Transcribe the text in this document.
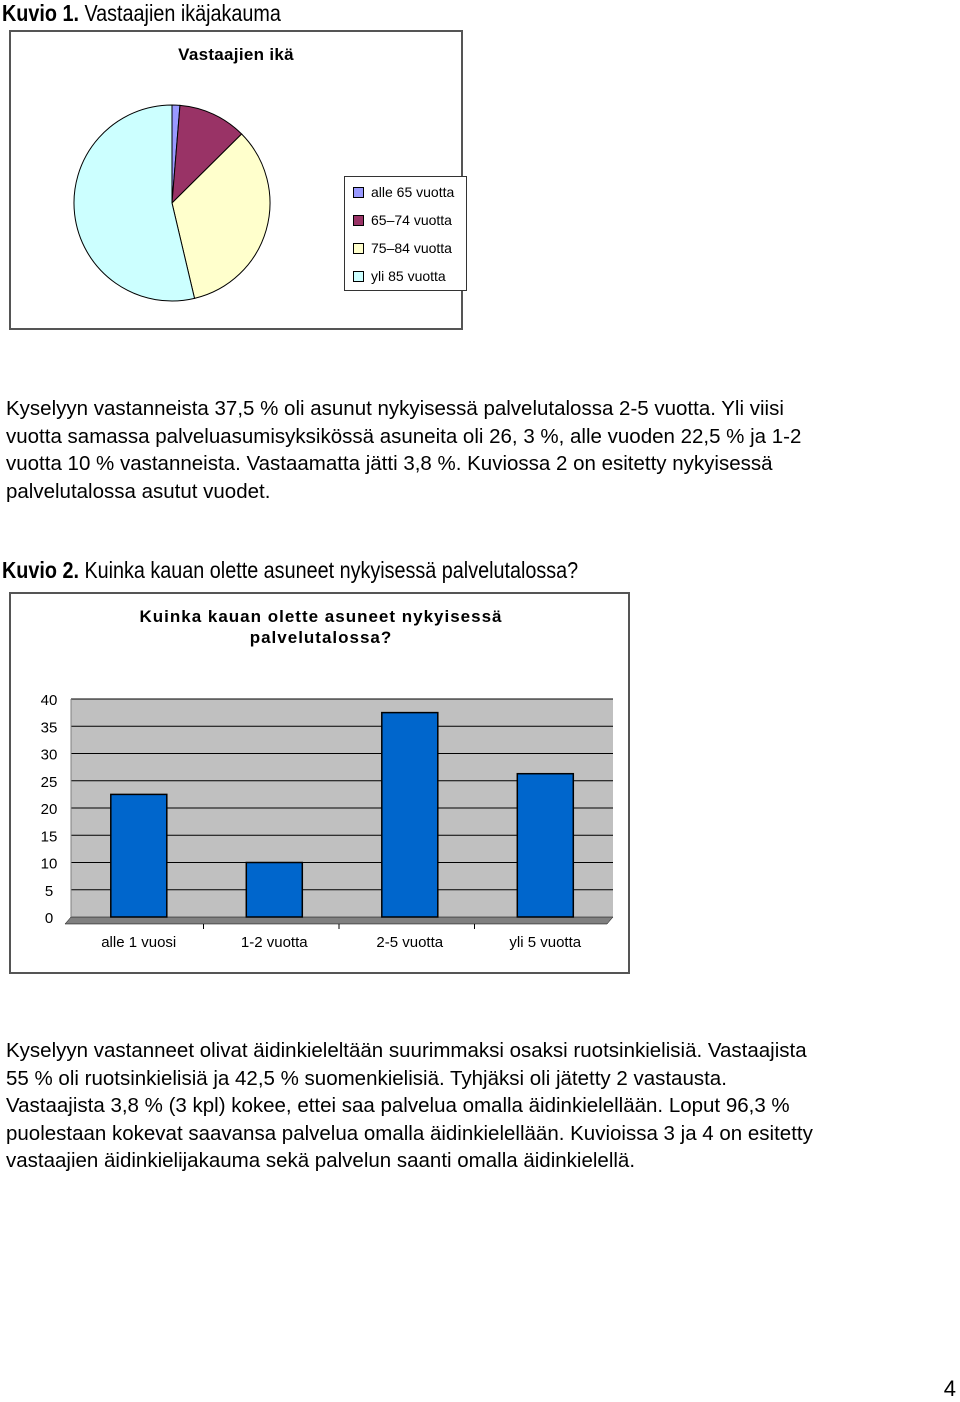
Kuvio 1. Vastaajien ikäjakauma
Vastaajien ikä
alle 65 vuotta
65–74 vuotta
75–84 vuotta
yli 85 vuotta
Kyselyyn vastanneista 37,5 % oli asunut nykyisessä palvelutalossa 2-5 vuotta. Yli viisi
vuotta samassa palveluasumisyksikössä asuneita oli 26, 3 %, alle vuoden 22,5 % ja 1-2
vuotta 10 % vastanneista. Vastaamatta jätti 3,8 %. Kuviossa 2 on esitetty nykyisessä
palvelutalossa asutut vuodet.
Kuvio 2. Kuinka kauan olette asuneet nykyisessä palvelutalossa?
Kuinka kauan olette asuneet nykyisessä
palvelutalossa?
0
5
10
15
20
25
30
35
40
alle 1 vuosi	1-2 vuotta	2-5 vuotta	yli 5 vuotta
Kyselyyn vastanneet olivat äidinkieleltään suurimmaksi osaksi ruotsinkielisiä. Vastaajista
55 % oli ruotsinkielisiä ja 42,5 % suomenkielisiä. Tyhjäksi oli jätetty 2 vastausta.
Vastaajista 3,8 % (3 kpl) kokee, ettei saa palvelua omalla äidinkielellään. Loput 96,3 %
puolestaan kokevat saavansa palvelua omalla äidinkielellään. Kuvioissa 3 ja 4 on esitetty
vastaajien äidinkielijakauma sekä palvelun saanti omalla äidinkielellä.
4
